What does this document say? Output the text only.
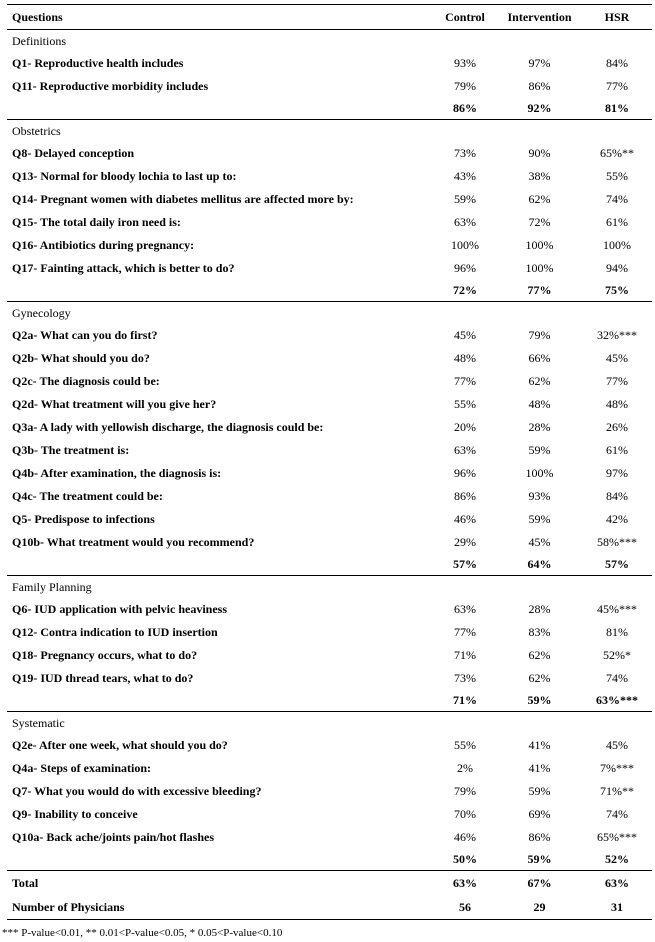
Questions	Control	Intervention	HSR
Definitions			
Q1- Reproductive health includes	93%	97%	84%
Q11- Reproductive morbidity includes	79%	86%	77%
	86%	92%	81%
Obstetrics			
Q8- Delayed conception	73%	90%	65%**
Q13- Normal for bloody lochia to last up to:	43%	38%	55%
Q14- Pregnant women with diabetes mellitus are affected more by:	59%	62%	74%
Q15- The total daily iron need is:	63%	72%	61%
Q16- Antibiotics during pregnancy:	100%	100%	100%
Q17- Fainting attack, which is better to do?	96%	100%	94%
	72%	77%	75%
Gynecology			
Q2a- What can you do first?	45%	79%	32%***
Q2b- What should you do?	48%	66%	45%
Q2c- The diagnosis could be:	77%	62%	77%
Q2d- What treatment will you give her?	55%	48%	48%
Q3a- A lady with yellowish discharge, the diagnosis could be:	20%	28%	26%
Q3b- The treatment is:	63%	59%	61%
Q4b- After examination, the diagnosis is:	96%	100%	97%
Q4c- The treatment could be:	86%	93%	84%
Q5- Predispose to infections	46%	59%	42%
Q10b- What treatment would you recommend?	29%	45%	58%***
	57%	64%	57%
Family Planning			
Q6- IUD application with pelvic heaviness	63%	28%	45%***
Q12- Contra indication to IUD insertion	77%	83%	81%
Q18- Pregnancy occurs, what to do?	71%	62%	52%*
Q19- IUD thread tears, what to do?	73%	62%	74%
	71%	59%	63%***
Systematic			
Q2e- After one week, what should you do?	55%	41%	45%
Q4a- Steps of examination:	2%	41%	7%***
Q7- What you would do with excessive bleeding?	79%	59%	71%**
Q9- Inability to conceive	70%	69%	74%
Q10a- Back ache/joints pain/hot flashes	46%	86%	65%***
	50%	59%	52%
Total	63%	67%	63%
Number of Physicians	56	29	31
*** P-value<0.01, ** 0.01<P-value<0.05, * 0.05<P-value<0.10
